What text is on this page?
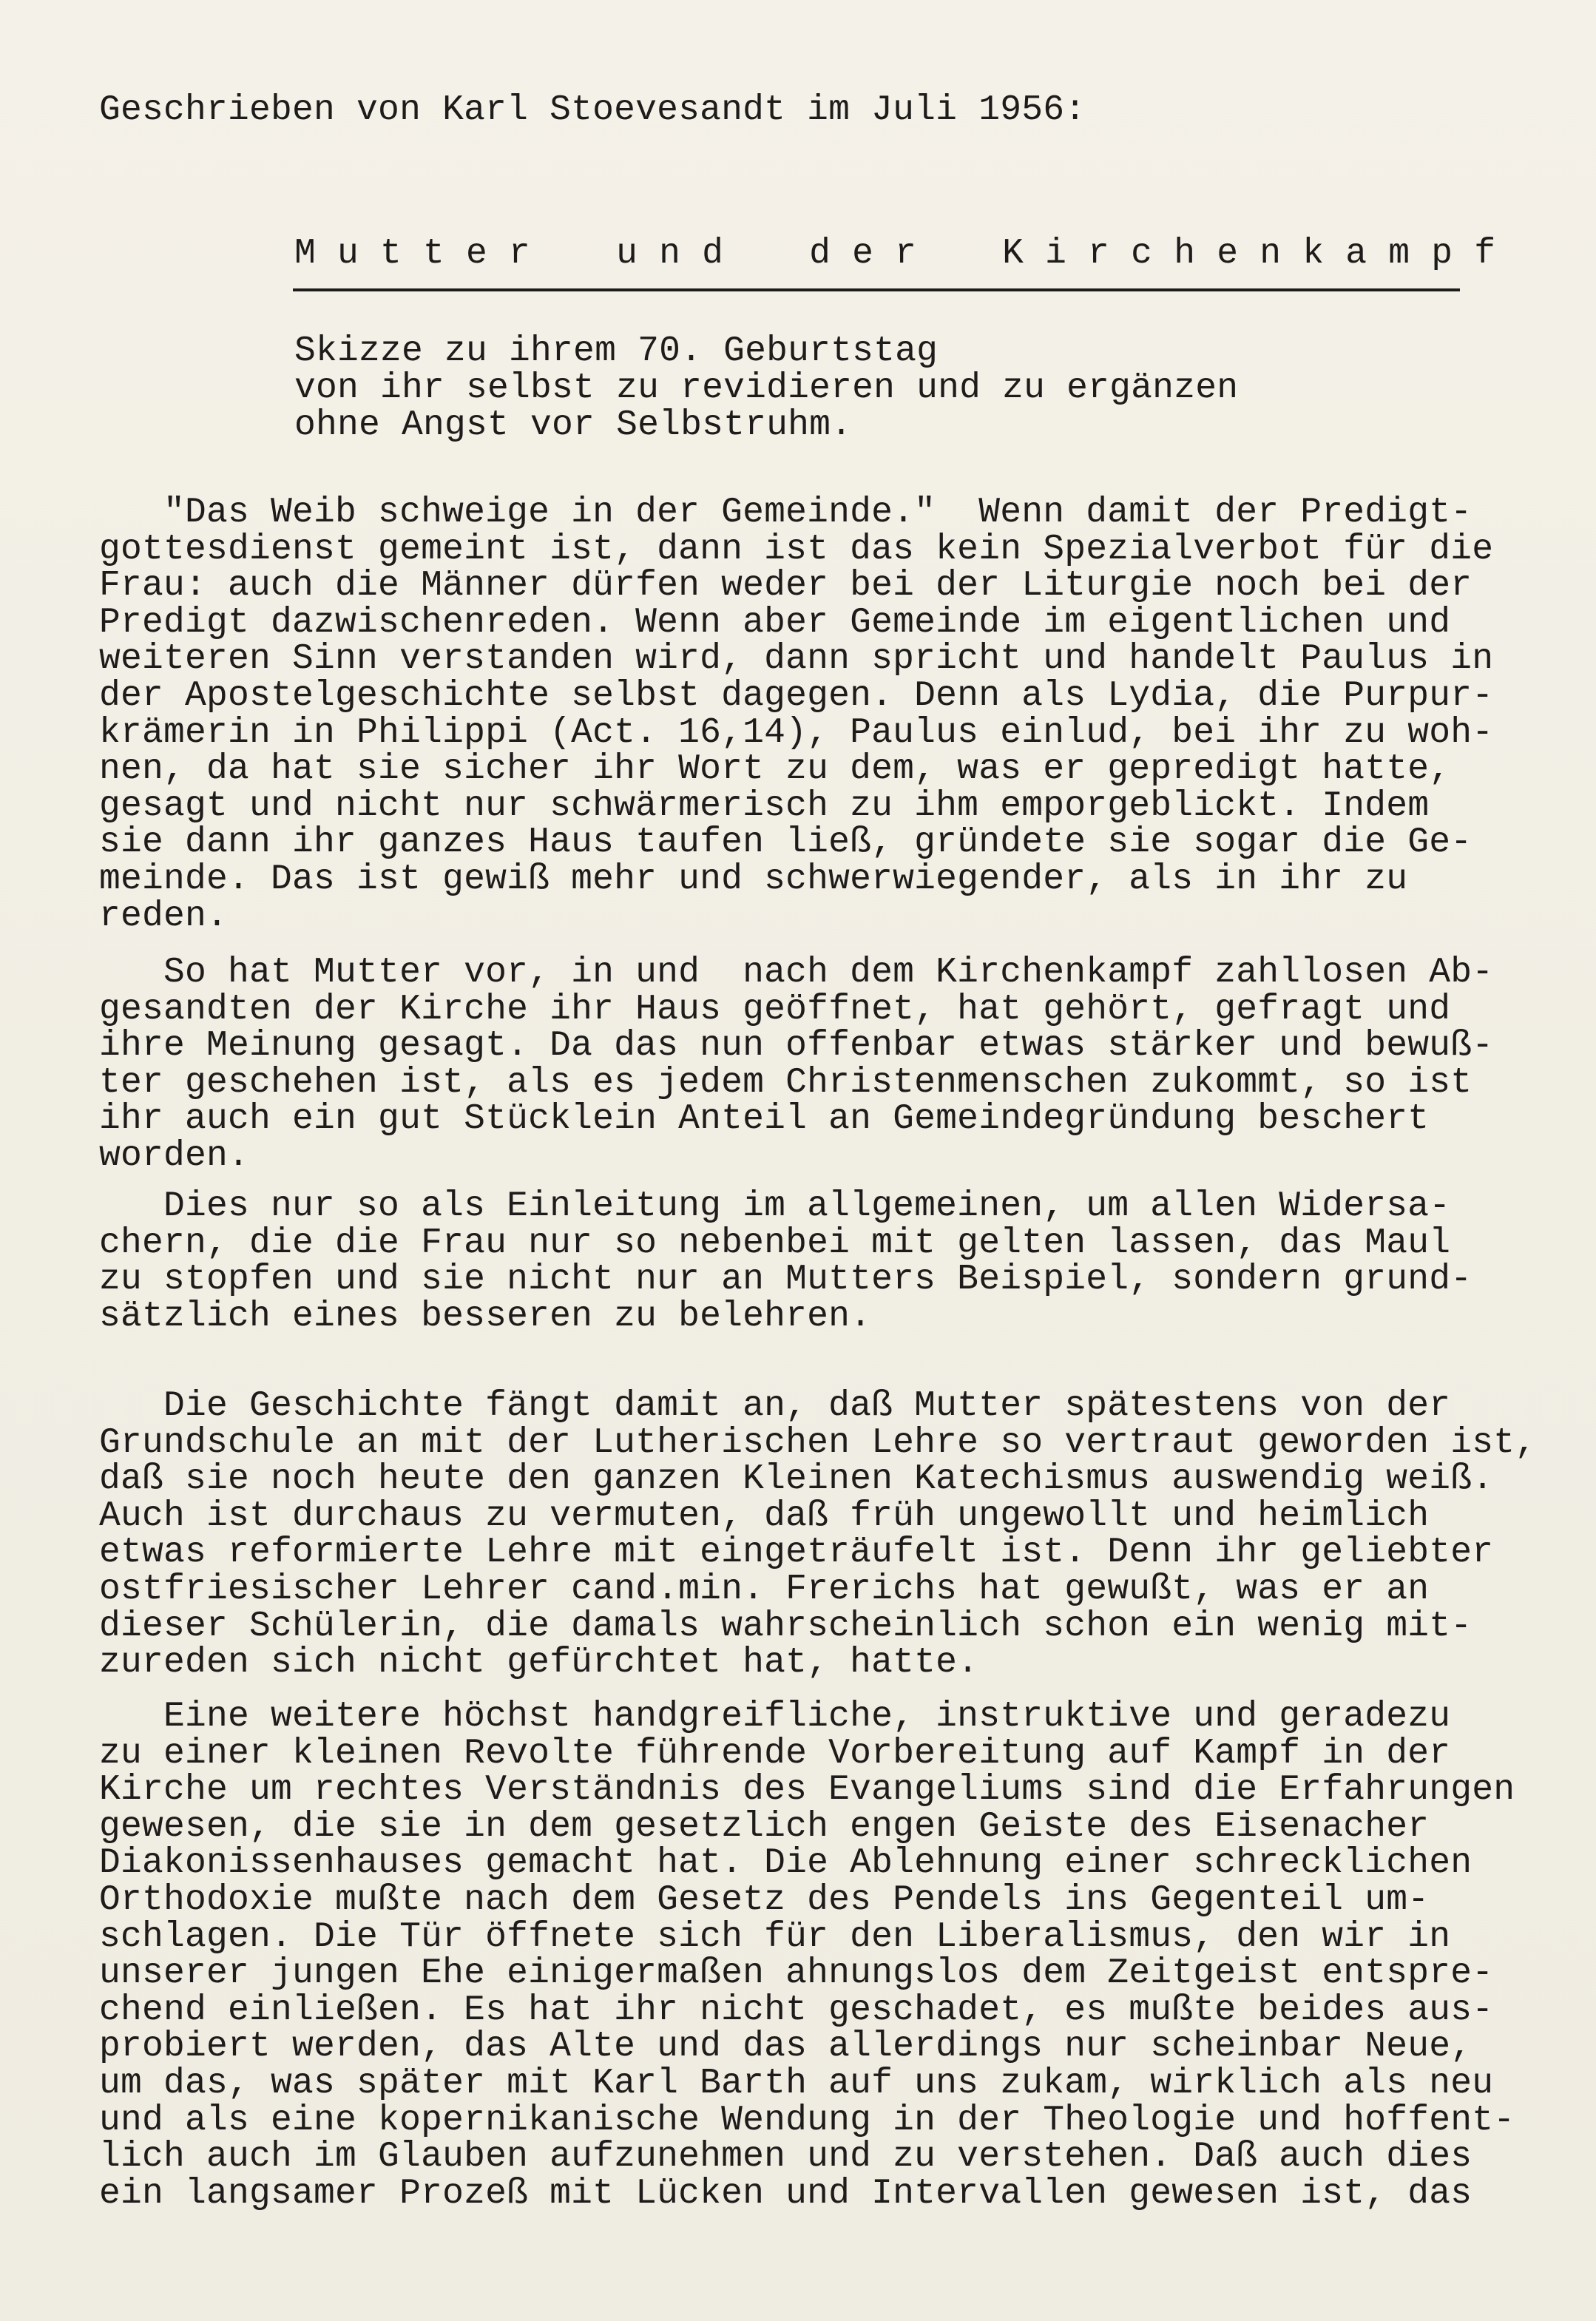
Geschrieben von Karl Stoevesandt im Juli 1956:
M u t t e r    u n d    d e r    K i r c h e n k a m p f
Skizze zu ihrem 70. Geburtstag
von ihr selbst zu revidieren und zu ergänzen
ohne Angst vor Selbstruhm.
"Das Weib schweige in der Gemeinde."  Wenn damit der Predigt-
gottesdienst gemeint ist, dann ist das kein Spezialverbot für die
Frau: auch die Männer dürfen weder bei der Liturgie noch bei der
Predigt dazwischenreden. Wenn aber Gemeinde im eigentlichen und
weiteren Sinn verstanden wird, dann spricht und handelt Paulus in
der Apostelgeschichte selbst dagegen. Denn als Lydia, die Purpur-
krämerin in Philippi (Act. 16,14), Paulus einlud, bei ihr zu woh-
nen, da hat sie sicher ihr Wort zu dem, was er gepredigt hatte,
gesagt und nicht nur schwärmerisch zu ihm emporgeblickt. Indem
sie dann ihr ganzes Haus taufen ließ, gründete sie sogar die Ge-
meinde. Das ist gewiß mehr und schwerwiegender, als in ihr zu
reden.
So hat Mutter vor, in und  nach dem Kirchenkampf zahllosen Ab-
gesandten der Kirche ihr Haus geöffnet, hat gehört, gefragt und
ihre Meinung gesagt. Da das nun offenbar etwas stärker und bewuß-
ter geschehen ist, als es jedem Christenmenschen zukommt, so ist
ihr auch ein gut Stücklein Anteil an Gemeindegründung beschert
worden.
Dies nur so als Einleitung im allgemeinen, um allen Widersa-
chern, die die Frau nur so nebenbei mit gelten lassen, das Maul
zu stopfen und sie nicht nur an Mutters Beispiel, sondern grund-
sätzlich eines besseren zu belehren.
Die Geschichte fängt damit an, daß Mutter spätestens von der
Grundschule an mit der Lutherischen Lehre so vertraut geworden ist,
daß sie noch heute den ganzen Kleinen Katechismus auswendig weiß.
Auch ist durchaus zu vermuten, daß früh ungewollt und heimlich
etwas reformierte Lehre mit eingeträufelt ist. Denn ihr geliebter
ostfriesischer Lehrer cand.min. Frerichs hat gewußt, was er an
dieser Schülerin, die damals wahrscheinlich schon ein wenig mit-
zureden sich nicht gefürchtet hat, hatte.
Eine weitere höchst handgreifliche, instruktive und geradezu
zu einer kleinen Revolte führende Vorbereitung auf Kampf in der
Kirche um rechtes Verständnis des Evangeliums sind die Erfahrungen
gewesen, die sie in dem gesetzlich engen Geiste des Eisenacher
Diakonissenhauses gemacht hat. Die Ablehnung einer schrecklichen
Orthodoxie mußte nach dem Gesetz des Pendels ins Gegenteil um-
schlagen. Die Tür öffnete sich für den Liberalismus, den wir in
unserer jungen Ehe einigermaßen ahnungslos dem Zeitgeist entspre-
chend einließen. Es hat ihr nicht geschadet, es mußte beides aus-
probiert werden, das Alte und das allerdings nur scheinbar Neue,
um das, was später mit Karl Barth auf uns zukam, wirklich als neu
und als eine kopernikanische Wendung in der Theologie und hoffent-
lich auch im Glauben aufzunehmen und zu verstehen. Daß auch dies
ein langsamer Prozeß mit Lücken und Intervallen gewesen ist, das
